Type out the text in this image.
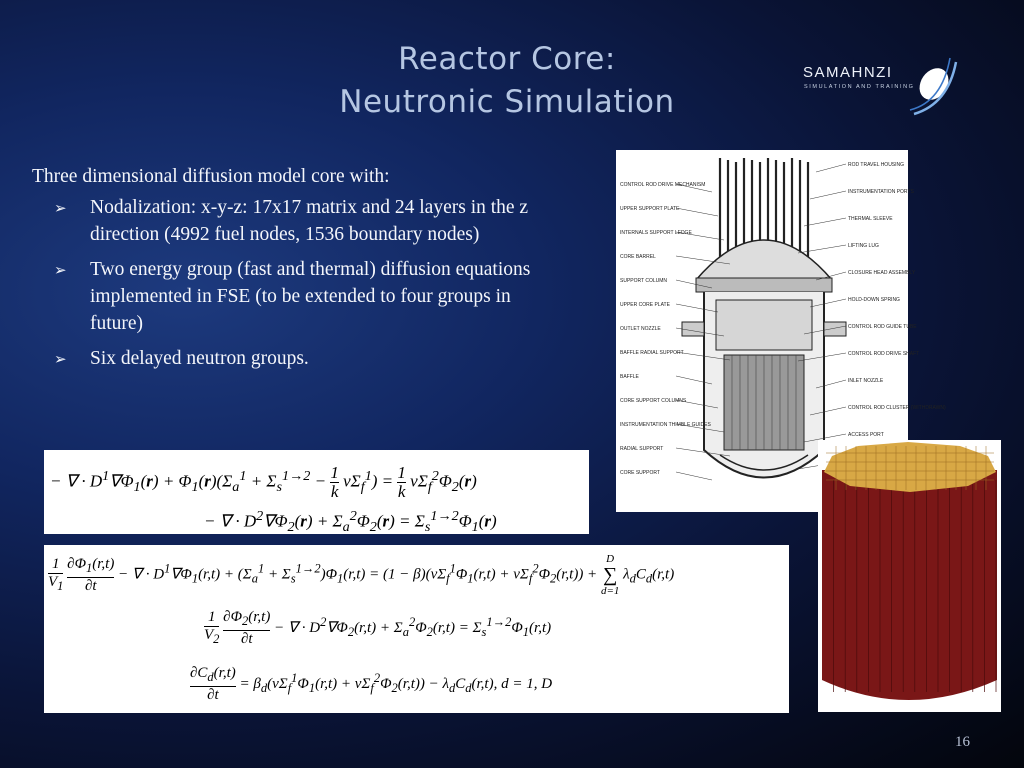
Reactor Core:
Neutronic Simulation
SAMAHNZI
SIMULATION AND TRAINING

Three dimensional diffusion model core with:

➢ Nodalization: x-y-z: 17x17 matrix and 24 layers in the z direction (4992 fuel nodes, 1536 boundary nodes)
➢ Two energy group (fast and thermal) diffusion equations implemented in FSE (to be extended to four groups in future)
➢ Six delayed neutron groups.
CONTROL ROD DRIVE MECHANISM
UPPER SUPPORT PLATE
INTERNALS SUPPORT LEDGE
CORE BARREL
SUPPORT COLUMN
UPPER CORE PLATE
OUTLET NOZZLE
BAFFLE RADIAL SUPPORT
BAFFLE
CORE SUPPORT COLUMNS
INSTRUMENTATION THIMBLE GUIDES
RADIAL SUPPORT
CORE SUPPORT
ROD TRAVEL HOUSING
INSTRUMENTATION PORTS
THERMAL SLEEVE
LIFTING LUG
CLOSURE HEAD ASSEMBLY
HOLD-DOWN SPRING
CONTROL ROD GUIDE TUBE
CONTROL ROD DRIVE SHAFT
INLET NOZZLE
CONTROL ROD CLUSTER (WITHDRAWN)
ACCESS PORT
− ∇ · $D^1\nabla\Phi_1(r) + \Phi_1(r)(\Sigma_a^1 + \Sigma_s^{1\to 2} - \frac{1}{k} \nu\Sigma_f^1) = \frac{1}{k} \nu\Sigma_f^2\Phi_2(r)$
− ∇ · $D^2\nabla\Phi_2(r) + \Sigma_a^2\Phi_2(r) = \Sigma_s^{1\to 2}\Phi_1(r)$
$\frac{1}{V_1}$
$\frac{\partial\Phi_1(r,t)}{\partial t}$ − ∇ · $D^1\nabla\Phi_1(r,t) + (\Sigma_a^1 + \Sigma_s^{1\to 2})\Phi_1(r,t) = (1 - \beta)(\nu\Sigma_f^1\Phi_1(r,t) + \nu\Sigma_f^2\Phi_2(r,t))$ +
D
∑
d=1
$\lambda_dC_d(r,t)$
$\frac{1}{V_2}$
$\frac{\partial\Phi_2(r,t)}{\partial t}$ − ∇ · $D^2\nabla\Phi_2(r,t) + \Sigma_a^2\Phi_2(r,t) = \Sigma_s^{1\to 2}\Phi_1(r,t)$
$\frac{\partial C_d(r,t)}{\partial t} = \beta_d(\nu\Sigma_f^1\Phi_1(r,t) + \nu\Sigma_f^2\Phi_2(r,t)) - \lambda_dC_d(r,t)$, d = 1, D
16
